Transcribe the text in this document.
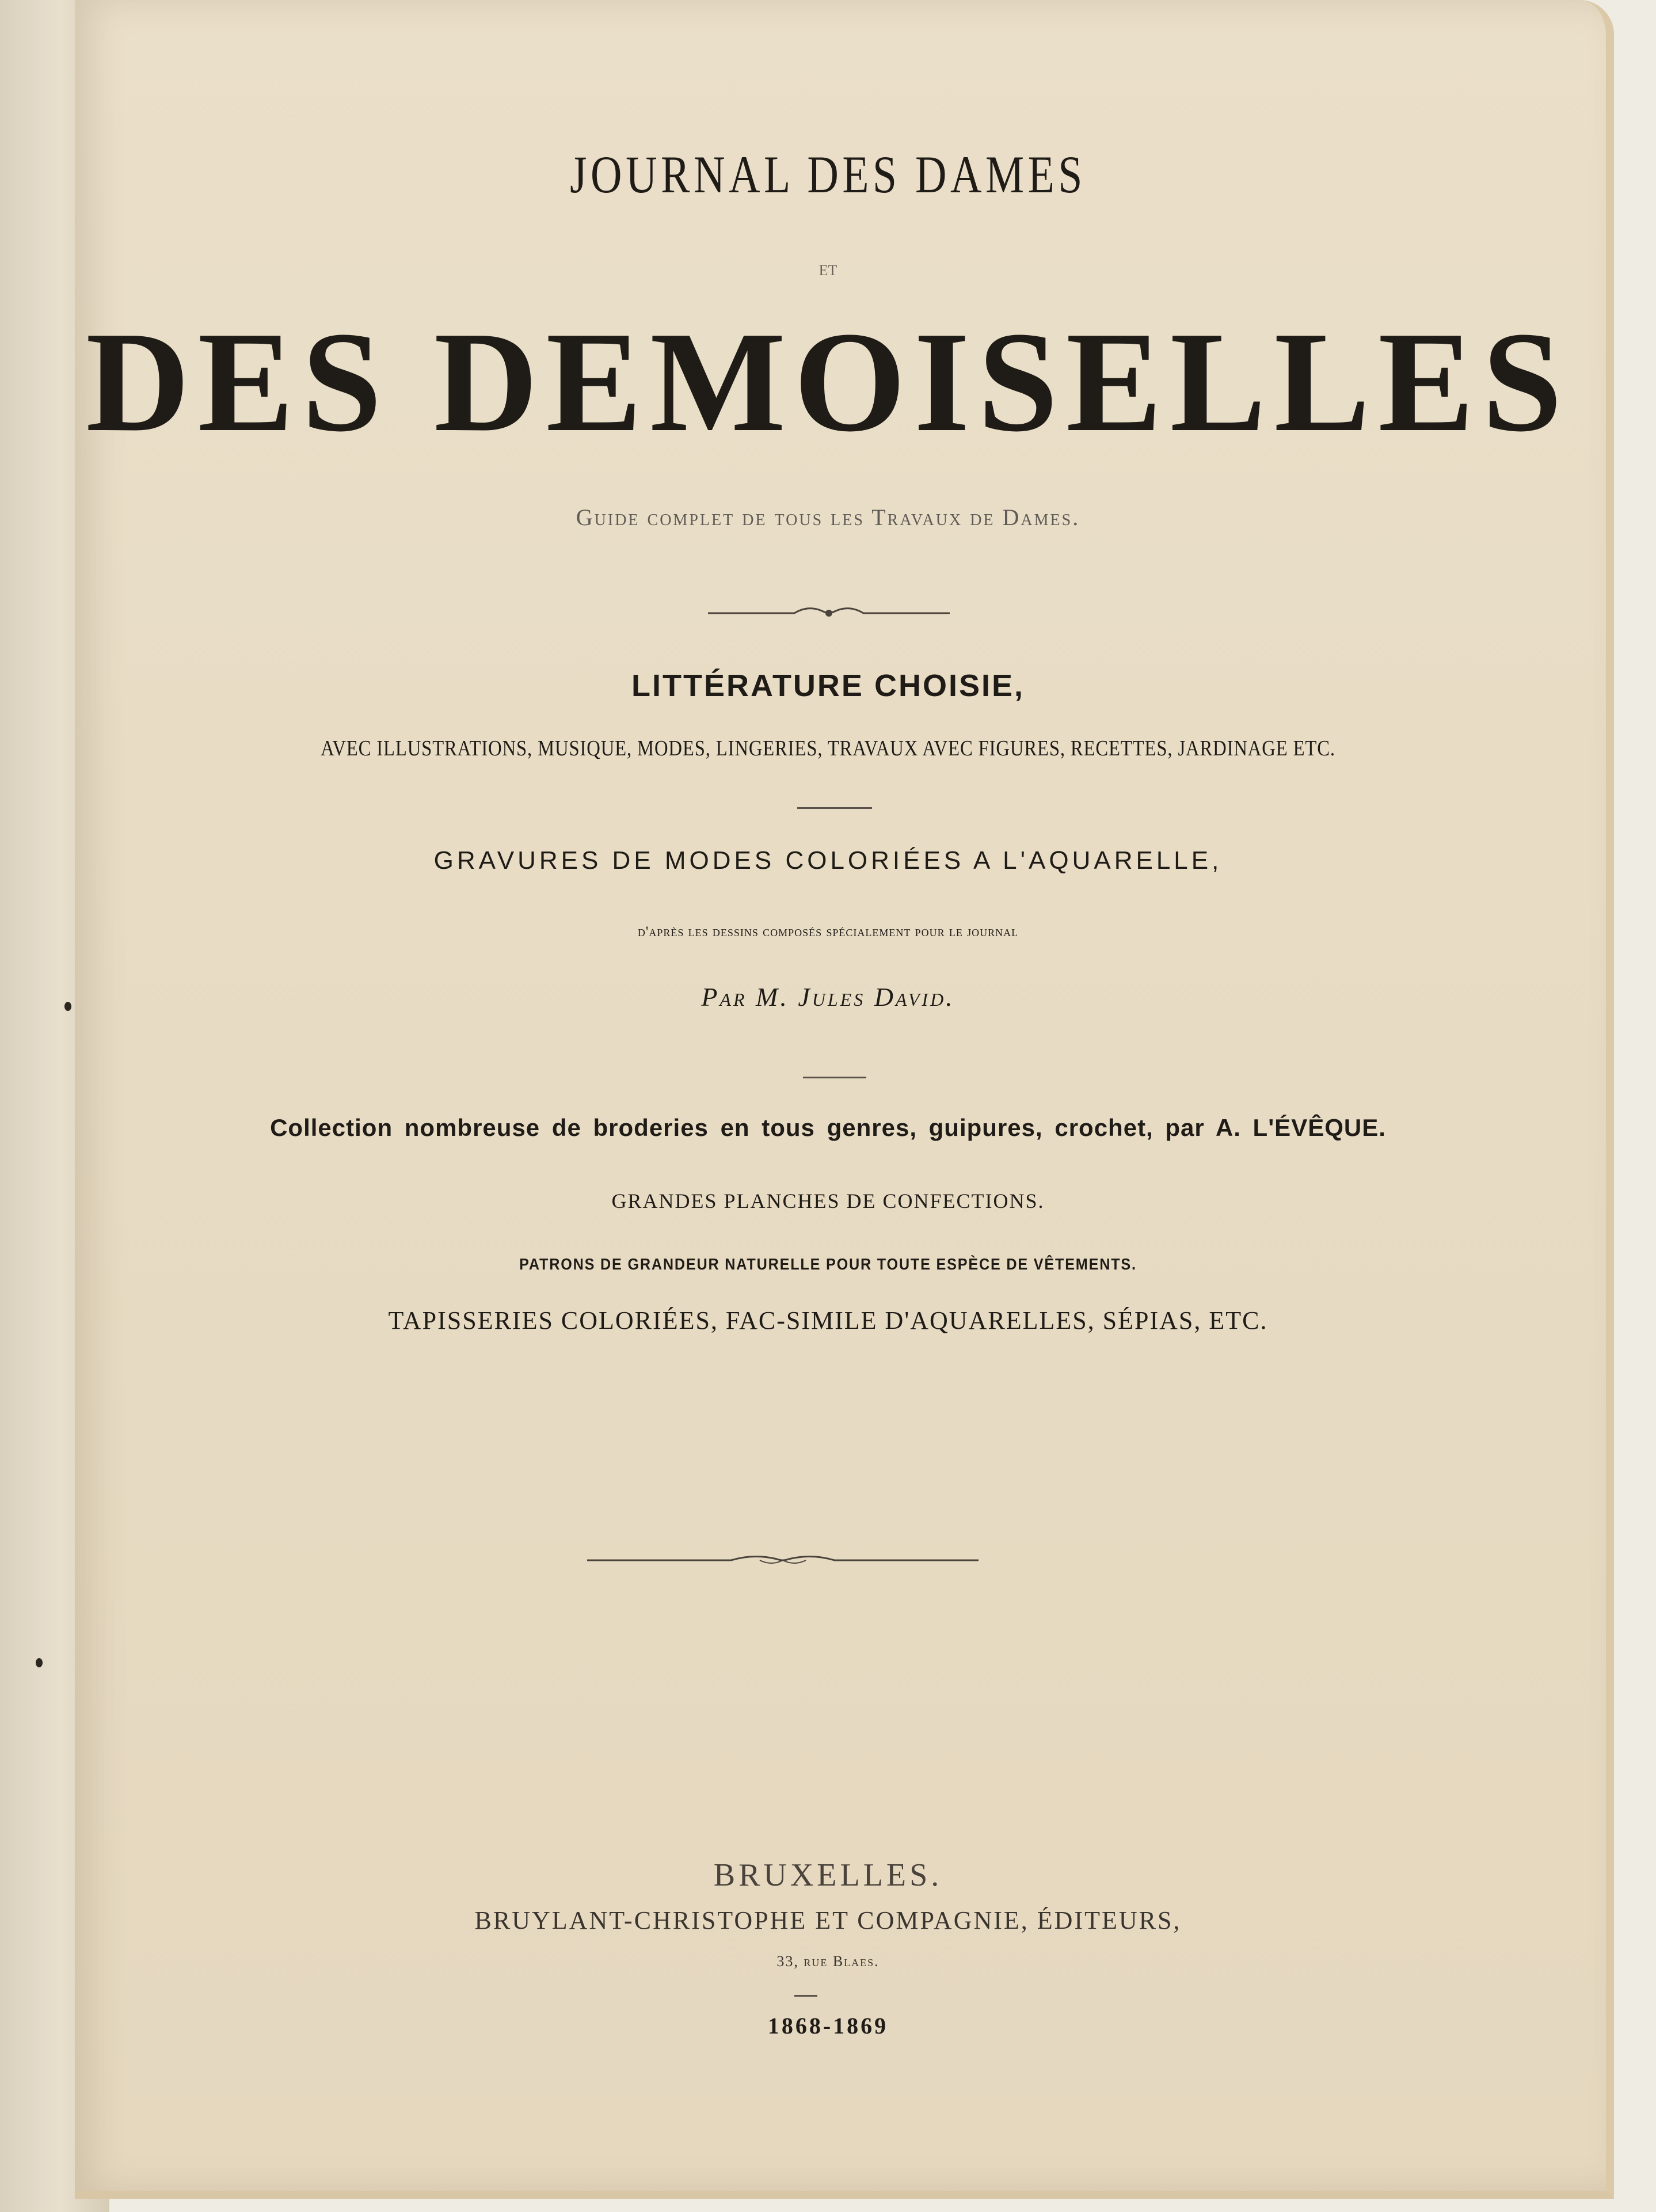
JOURNAL DES DAMES

ET

DES DEMOISELLES

Guide complet de tous les Travaux de Dames.

LITTÉRATURE CHOISIE,

AVEC ILLUSTRATIONS, MUSIQUE, MODES, LINGERIES, TRAVAUX AVEC FIGURES, RECETTES, JARDINAGE ETC.

GRAVURES DE MODES COLORIÉES A L'AQUARELLE,

d'après les dessins composés spécialement pour le journal

Par M. Jules David.

Collection nombreuse de broderies en tous genres, guipures, crochet, par A. L'ÉVÊQUE.

GRANDES PLANCHES DE CONFECTIONS.

PATRONS DE GRANDEUR NATURELLE POUR TOUTE ESPÈCE DE VÊTEMENTS.

TAPISSERIES COLORIÉES, FAC-SIMILE D'AQUARELLES, SÉPIAS, ETC.

BRUXELLES.

BRUYLANT-CHRISTOPHE ET COMPAGNIE, ÉDITEURS,

33, rue Blaes.

1868-1869
